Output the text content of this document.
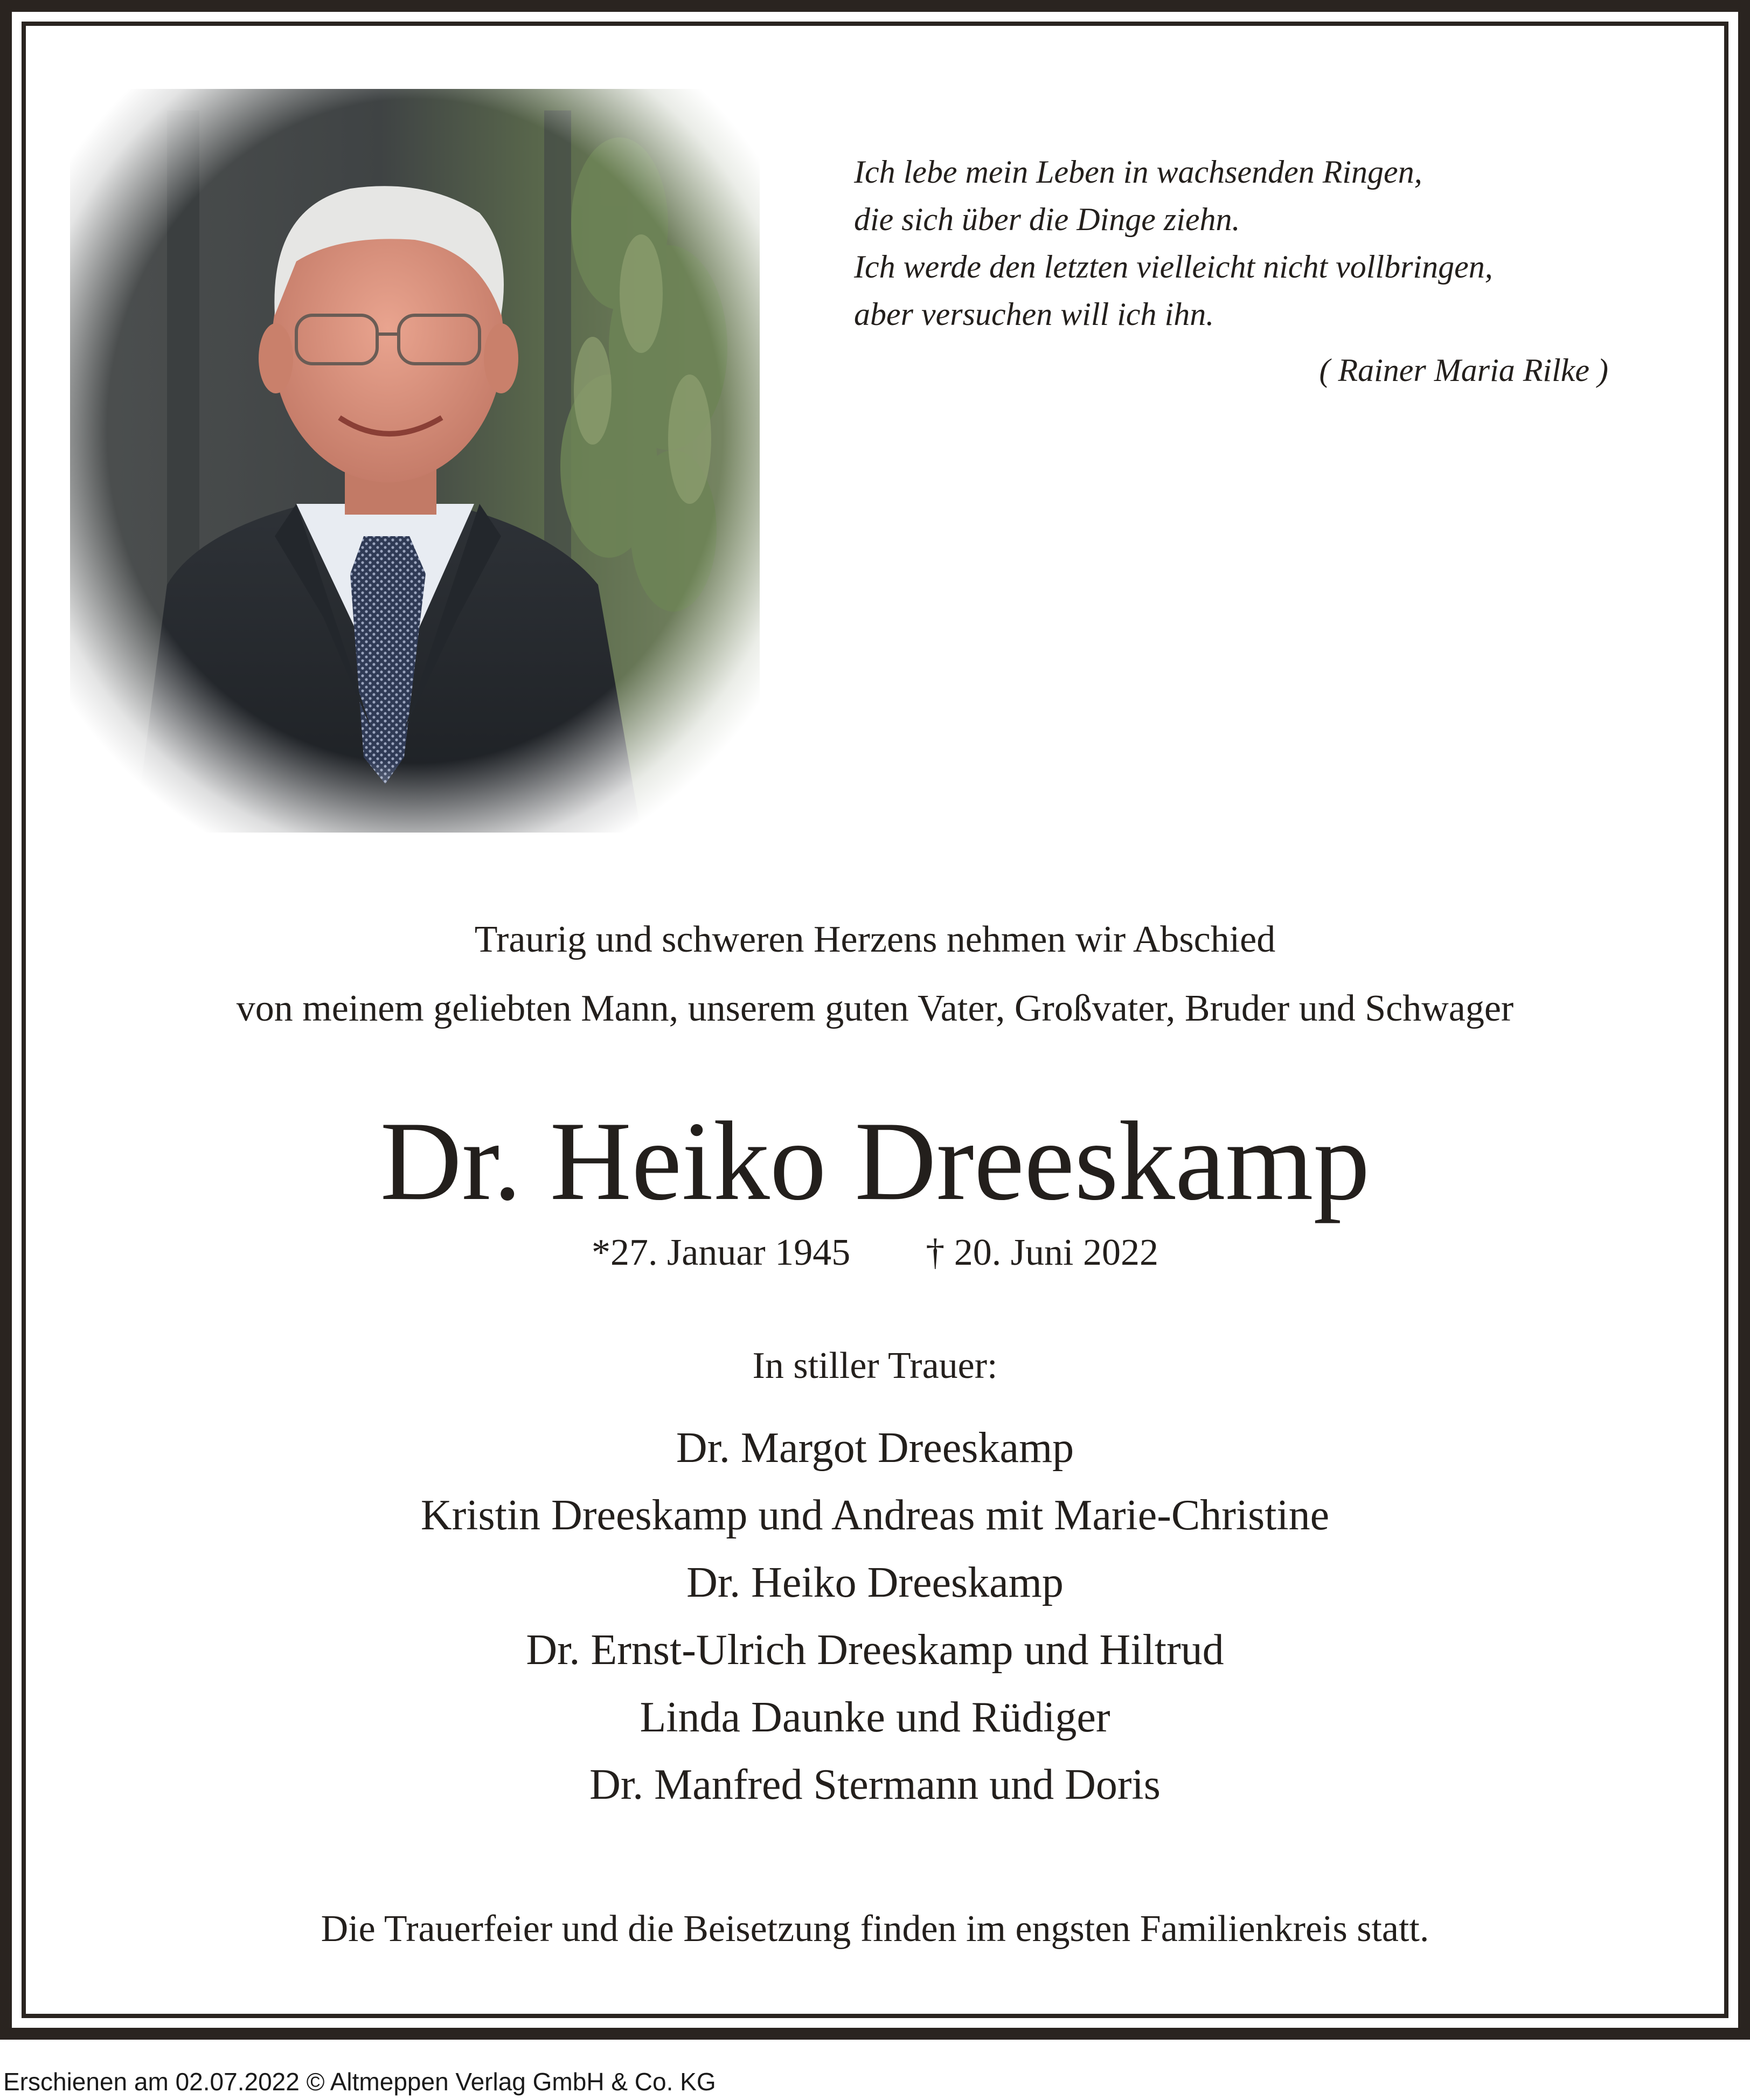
Ich lebe mein Leben in wachsenden Ringen,
die sich über die Dinge ziehn.
Ich werde den letzten vielleicht nicht vollbringen,
aber versuchen will ich ihn.
( Rainer Maria Rilke )
Traurig und schweren Herzens nehmen wir Abschied
von meinem geliebten Mann, unserem guten Vater, Großvater, Bruder und Schwager
Dr. Heiko Dreeskamp
*27. Januar 1945 † 20. Juni 2022
In stiller Trauer:
Dr. Margot Dreeskamp
Kristin Dreeskamp und Andreas mit Marie-Christine
Dr. Heiko Dreeskamp
Dr. Ernst-Ulrich Dreeskamp und Hiltrud
Linda Daunke und Rüdiger
Dr. Manfred Stermann und Doris
Die Trauerfeier und die Beisetzung finden im engsten Familienkreis statt.
Erschienen am 02.07.2022 © Altmeppen Verlag GmbH & Co. KG
